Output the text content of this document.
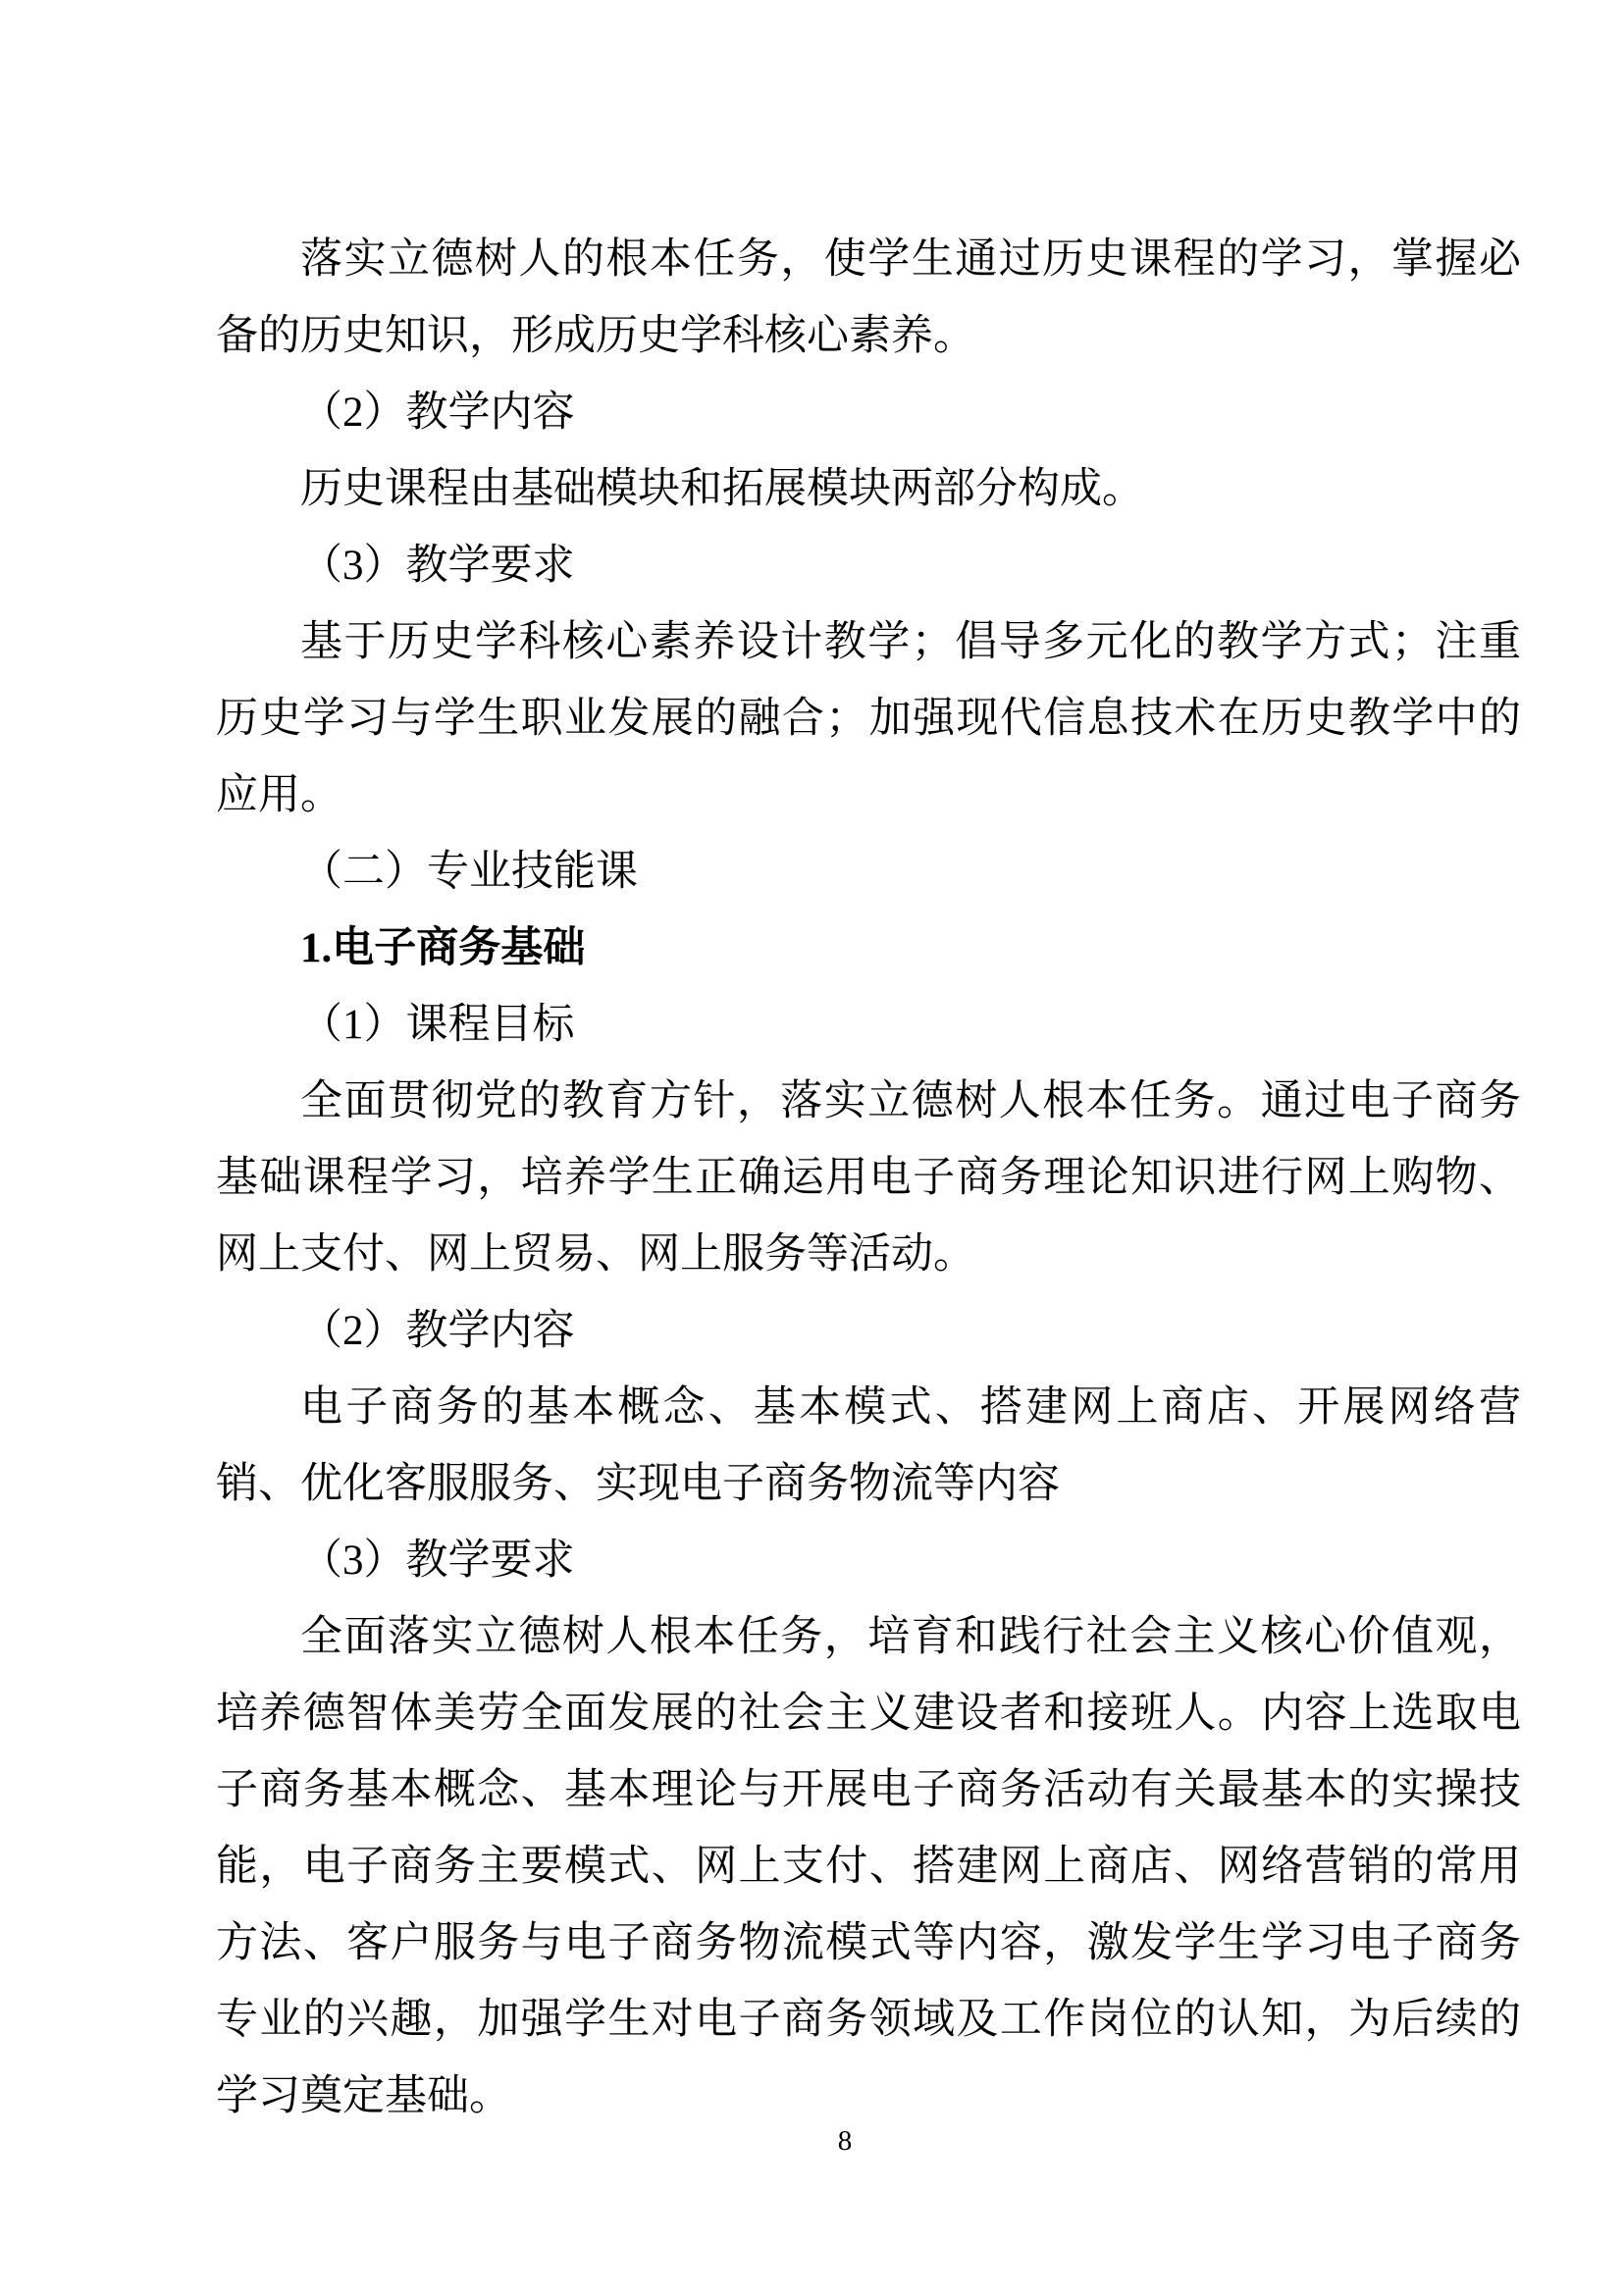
落实立德树人的根本任务，使学生通过历史课程的学习，掌握必
备的历史知识，形成历史学科核心素养。
（2）教学内容
历史课程由基础模块和拓展模块两部分构成。
（3）教学要求
基于历史学科核心素养设计教学；倡导多元化的教学方式；注重
历史学习与学生职业发展的融合；加强现代信息技术在历史教学中的
应用。
（二）专业技能课
1.电子商务基础
（1）课程目标
全面贯彻党的教育方针，落实立德树人根本任务。通过电子商务
基础课程学习，培养学生正确运用电子商务理论知识进行网上购物、
网上支付、网上贸易、网上服务等活动。
（2）教学内容
电子商务的基本概念、基本模式、搭建网上商店、开展网络营
销、优化客服服务、实现电子商务物流等内容
（3）教学要求
全面落实立德树人根本任务，培育和践行社会主义核心价值观，
培养德智体美劳全面发展的社会主义建设者和接班人。内容上选取电
子商务基本概念、基本理论与开展电子商务活动有关最基本的实操技
能，电子商务主要模式、网上支付、搭建网上商店、网络营销的常用
方法、客户服务与电子商务物流模式等内容，激发学生学习电子商务
专业的兴趣，加强学生对电子商务领域及工作岗位的认知，为后续的
学习奠定基础。
8
